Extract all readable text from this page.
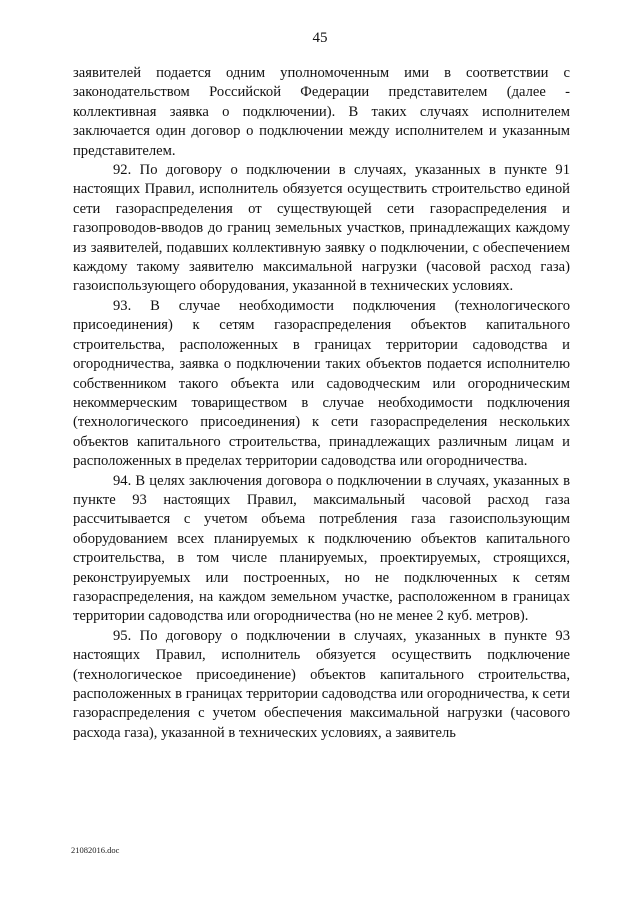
45

заявителей подается одним уполномоченным ими в соответствии с законодательством Российской Федерации представителем (далее - коллективная заявка о подключении). В таких случаях исполнителем заключается один договор о подключении между исполнителем и указанным представителем.

92. По договору о подключении в случаях, указанных в пункте 91 настоящих Правил, исполнитель обязуется осуществить строительство единой сети газораспределения от существующей сети газораспределения и газопроводов-вводов до границ земельных участков, принадлежащих каждому из заявителей, подавших коллективную заявку о подключении, с обеспечением каждому такому заявителю максимальной нагрузки (часовой расход газа) газоиспользующего оборудования, указанной в технических условиях.

93. В случае необходимости подключения (технологического присоединения) к сетям газораспределения объектов капитального строительства, расположенных в границах территории садоводства и огородничества, заявка о подключении таких объектов подается исполнителю собственником такого объекта или садоводческим или огородническим некоммерческим товариществом в случае необходимости подключения (технологического присоединения) к сети газораспределения нескольких объектов капитального строительства, принадлежащих различным лицам и расположенных в пределах территории садоводства или огородничества.

94. В целях заключения договора о подключении в случаях, указанных в пункте 93 настоящих Правил, максимальный часовой расход газа рассчитывается с учетом объема потребления газа газоиспользующим оборудованием всех планируемых к подключению объектов капитального строительства, в том числе планируемых, проектируемых, строящихся, реконструируемых или построенных, но не подключенных к сетям газораспределения, на каждом земельном участке, расположенном в границах территории садоводства или огородничества (но не менее 2 куб. метров).

95. По договору о подключении в случаях, указанных в пункте 93 настоящих Правил, исполнитель обязуется осуществить подключение (технологическое присоединение) объектов капитального строительства, расположенных в границах территории садоводства или огородничества, к сети газораспределения с учетом обеспечения максимальной нагрузки (часового расхода газа), указанной в технических условиях, а заявитель

21082016.doc
